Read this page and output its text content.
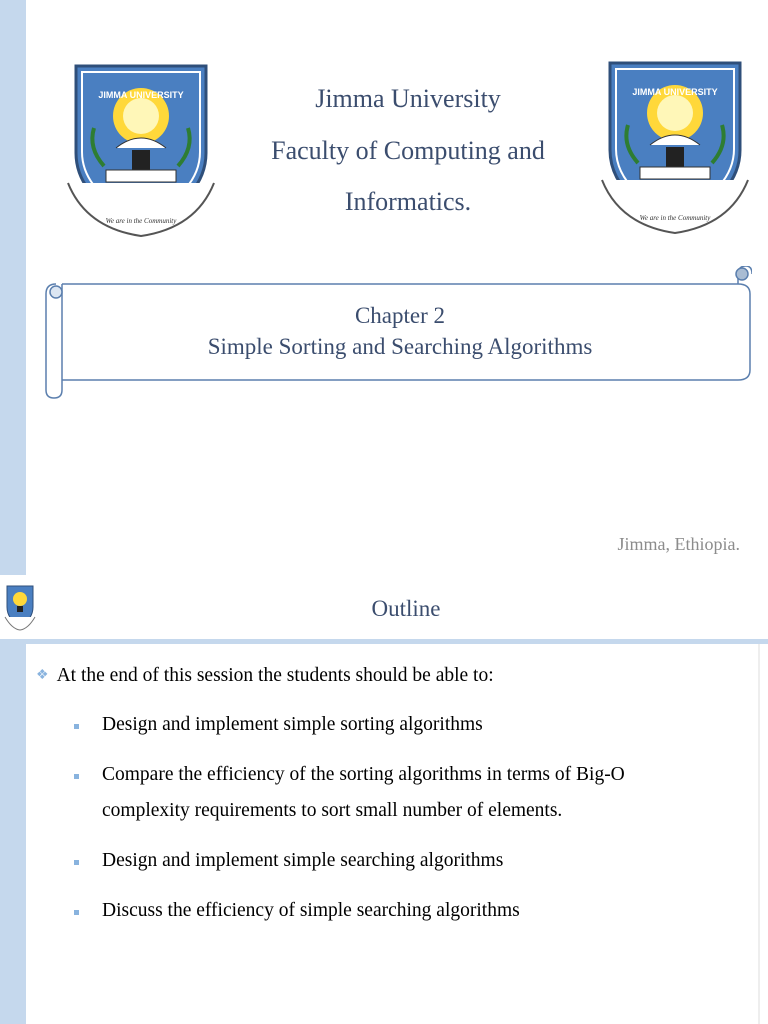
JIMMA UNIVERSITY
We are in the Community
JIMMA UNIVERSITY
We are in the Community
Jimma University
Faculty of Computing and
Informatics.
Chapter 2
Simple Sorting and Searching Algorithms
Jimma, Ethiopia.
Outline
❖ At the end of this session the students should be able to:
Design and implement simple sorting algorithms
Compare the efficiency of the sorting algorithms in terms of Big-O
complexity requirements to sort small number of elements.
Design and implement simple searching algorithms
Discuss the efficiency of simple searching algorithms
